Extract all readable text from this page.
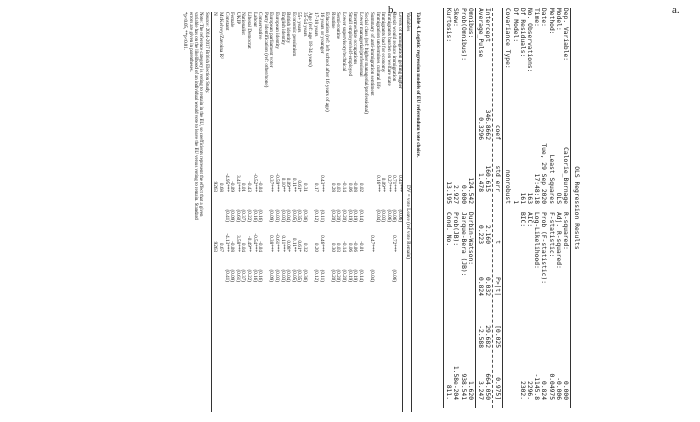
a.
b.
OLS Regression Results
Dep. Variable:
Calorie_Burnage
R-squared:
0.000
Model:
OLS
Adj. R-squared:
-0.006
Method:
Least Squares
F-statistic:
0.04975
Date:
Tue, 29 Sep 2020
Prob (F-statistic):
0.824
Time:
17:48:18
Log-Likelihood:
-1145.8
No. Observations:
163
AIC:
2296.
Df Residuals:
161
BIC:
2302.
Df Model:
1
Covariance Type:
nonrobust
coef
std err
t
P>|t|
[0.025
0.975]
Intercept
346.8662
160.615
2.160
0.032
29.682
664.050
Average_Pulse
0.3296
1.478
0.223
0.824
-2.588
3.247
Omnibus:
124.542
Durbin-Watson:
1.620
Prob(Omnibus):
0.000
Jarque-Bera (JB):
938.541
Skew:
2.927
Prob(JB):
1.58e-204
Kurtosis:
13.195
Cond. No.
811.
Table 4. Logistic regression models of EU referendum vote choice.
Variables
DV = vote Leave (ref vote Remain)
Levels of immigration getting higher
0.41***
(0.06)
Brexit would reduce immigration
0.71***
(0.06)
0.72***
(0.06)
Immigrants burden on welfare state
0.27***
(0.06)
Immigrants bad for economy
0.09**
(0.03)
Immigration undermines cultural life
0.16***
(0.04)
Summary of anti-immigration sentiment
0.47***
(0.04)
Social class (ref: higher managerial/professional)
Lower managerial/professional
0.02
(0.14)
-0.01
(0.14)
Intermediate occupations
-0.08
(0.19)
-0.06
(0.19)
Small employer/self-employed
0.06
(0.19)
0.06
(0.19)
Lower supervisory/technical
-0.14
(0.20)
-0.14
(0.20)
Semi-routine
0.03
(0.20)
0.03
(0.20)
Routine
0.28
(0.20)
0.30
(0.20)
Education (ref: left school after 16 years of age)
16 years or younger
0.43***
(0.11)
0.46***
(0.11)
17-18 years
0.17
(0.12)
0.20
(0.12)
Age (ref: age 18-34 years)
35-54 years
0.31
(0.36)
0.32
(0.36)
55+ years
0.61*
(0.35)
0.61*
(0.35)
Economic pessimism
0.11**
(0.05)
0.11**
(0.05)
British identity
0.09**
(0.04)
0.08*
(0.04)
English identity
0.10**
(0.03)
0.11***
(0.03)
European identity
-0.59***
(0.03)
-0.61***
(0.03)
European parliament voter
0.37***
(0.09)
0.38***
(0.09)
Party identification (ref: other/none)
Conservative
-0.04
(0.16)
-0.04
(0.16)
Labour
-0.52***
(0.16)
-0.54***
(0.16)
Liberal Democrat
-0.43
(0.22)
-0.49**
(0.22)
Nationalist
0.01
(0.37)
0.04
(0.37)
UKIP
3.41***
(0.60)
3.58***
(0.61)
Female
-0.09
(0.09)
-0.08
(0.09)
Constant
-4.95***
(0.41)
-4.13***
(0.41)
McKelvey/Zavoina R²
0.68
0.67
N
9263
9263
Source: 2014-2017 British Election Study.
Note: The reference category is voting to remain in the EU, so coefficients represent the effect that a given
variable has on the likelihood of an individual would vote to leave the EU versus voting to remain. Standard
errors are given in parentheses.
*p<0.05, **p<0.01.
